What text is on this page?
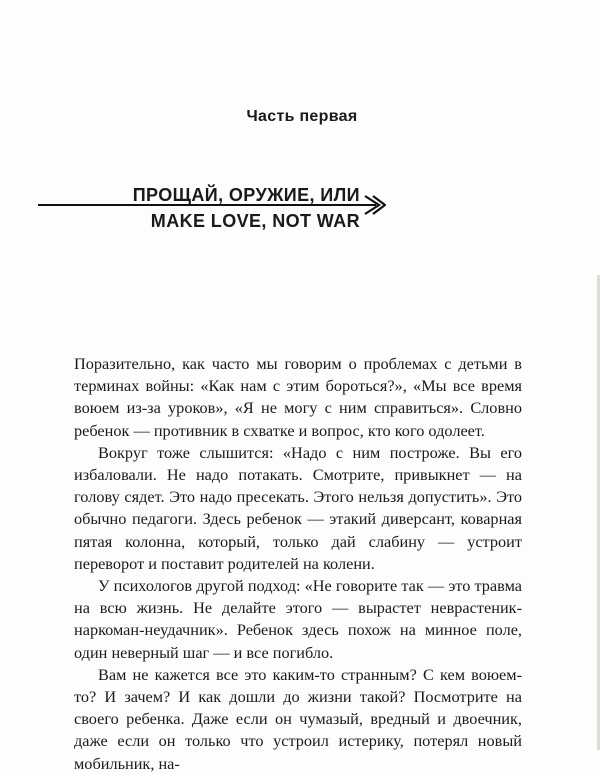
Часть первая
ПРОЩАЙ, ОРУЖИЕ, ИЛИ
MAKE LOVE, NOT WAR

Поразительно, как часто мы говорим о проблемах с детьми в терминах войны: «Как нам с этим бороться?», «Мы все время воюем из-за уроков», «Я не могу с ним справиться». Словно ребенок — противник в схватке и вопрос, кто кого одолеет.

Вокруг тоже слышится: «Надо с ним построже. Вы его избаловали. Не надо потакать. Смотрите, привыкнет — на голову сядет. Это надо пресекать. Этого нельзя допустить». Это обычно педагоги. Здесь ребенок — этакий диверсант, коварная пятая колонна, который, только дай слабину — устроит переворот и поставит родителей на колени.

У психологов другой подход: «Не говорите так — это травма на всю жизнь. Не делайте этого — вырастет неврастеник-наркоман-неудачник». Ребенок здесь похож на минное поле, один неверный шаг — и все погибло.

Вам не кажется все это каким-то странным? С кем воюем-то? И зачем? И как дошли до жизни такой? Посмотрите на своего ребенка. Даже если он чумазый, вредный и двоечник, даже если он только что устроил истерику, потерял новый мобильник, на-
